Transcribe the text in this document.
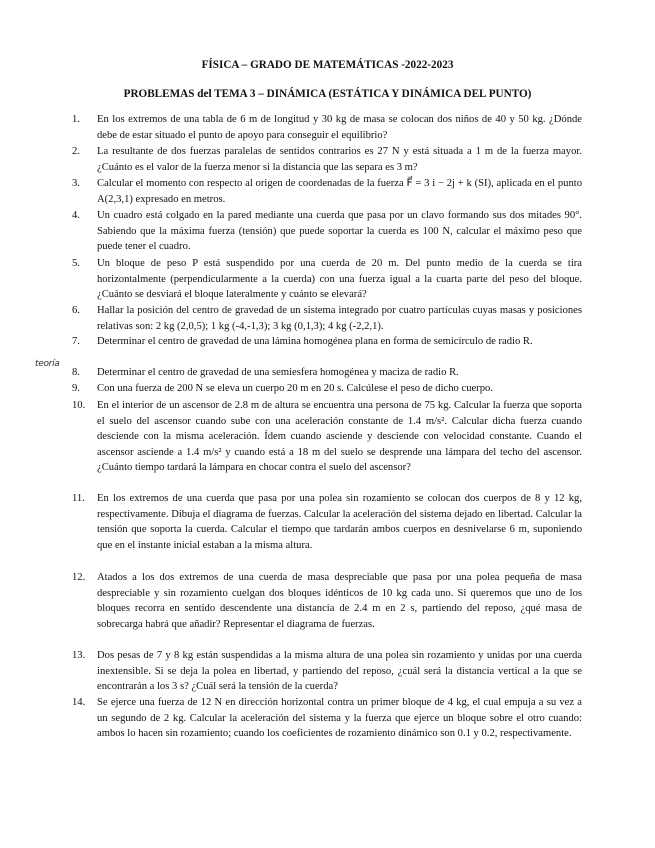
FÍSICA – GRADO DE MATEMÁTICAS -2022-2023
PROBLEMAS del TEMA 3 – DINÁMICA (ESTÁTICA Y DINÁMICA DEL PUNTO)
teoría
1.	En los extremos de una tabla de 6 m de longitud y 30 kg de masa se colocan dos niños de 40 y 50 kg. ¿Dónde debe de estar situado el punto de apoyo para conseguir el equilibrio?
2.	La resultante de dos fuerzas paralelas de sentidos contrarios es 27 N y está situada a 1 m de la fuerza mayor. ¿Cuánto es el valor de la fuerza menor si la distancia que las separa es 3 m?
3.	Calcular el momento con respecto al origen de coordenadas de la fuerza F⃗ = 3 i − 2j + k (SI), aplicada en el punto A(2,3,1) expresado en metros.
4.	Un cuadro está colgado en la pared mediante una cuerda que pasa por un clavo formando sus dos mitades 90°. Sabiendo que la máxima fuerza (tensión) que puede soportar la cuerda es 100 N, calcular el máximo peso que puede tener el cuadro.
5.	Un bloque de peso P está suspendido por una cuerda de 20 m. Del punto medio de la cuerda se tira horizontalmente (perpendicularmente a la cuerda) con una fuerza igual a la cuarta parte del peso del bloque. ¿Cuánto se desviará el bloque lateralmente y cuánto se elevará?
6.	Hallar la posición del centro de gravedad de un sistema integrado por cuatro partículas cuyas masas y posiciones relativas son: 2 kg (2,0,5); 1 kg (-4,-1,3); 3 kg (0,1,3); 4 kg (-2,2,1).
7.	Determinar el centro de gravedad de una lámina homogénea plana en forma de semicírculo de radio R.
8.	Determinar el centro de gravedad de una semiesfera homogénea y maciza de radio R.
9.	Con una fuerza de 200 N se eleva un cuerpo 20 m en 20 s. Calcúlese el peso de dicho cuerpo.
10.	En el interior de un ascensor de 2.8 m de altura se encuentra una persona de 75 kg. Calcular la fuerza que soporta el suelo del ascensor cuando sube con una aceleración constante de 1.4 m/s². Calcular dicha fuerza cuando desciende con la misma aceleración. Ídem cuando asciende y desciende con velocidad constante. Cuando el ascensor asciende a 1.4 m/s² y cuando está a 18 m del suelo se desprende una lámpara del techo del ascensor. ¿Cuánto tiempo tardará la lámpara en chocar contra el suelo del ascensor?
11.	En los extremos de una cuerda que pasa por una polea sin rozamiento se colocan dos cuerpos de 8 y 12 kg, respectivamente. Dibuja el diagrama de fuerzas. Calcular la aceleración del sistema dejado en libertad. Calcular la tensión que soporta la cuerda. Calcular el tiempo que tardarán ambos cuerpos en desnivelarse 6 m, suponiendo que en el instante inicial estaban a la misma altura.
12.	Atados a los dos extremos de una cuerda de masa despreciable que pasa por una polea pequeña de masa despreciable y sin rozamiento cuelgan dos bloques idénticos de 10 kg cada uno. Si queremos que uno de los bloques recorra en sentido descendente una distancia de 2.4 m en 2 s, partiendo del reposo, ¿qué masa de sobrecarga habrá que añadir? Representar el diagrama de fuerzas.
13.	Dos pesas de 7 y 8 kg están suspendidas a la misma altura de una polea sin rozamiento y unidas por una cuerda inextensible. Si se deja la polea en libertad, y partiendo del reposo, ¿cuál será la distancia vertical a la que se encontrarán a los 3 s? ¿Cuál será la tensión de la cuerda?
14.	Se ejerce una fuerza de 12 N en dirección horizontal contra un primer bloque de 4 kg, el cual empuja a su vez a un segundo de 2 kg. Calcular la aceleración del sistema y la fuerza que ejerce un bloque sobre el otro cuando: ambos lo hacen sin rozamiento; cuando los coeficientes de rozamiento dinámico son 0.1 y 0.2, respectivamente.
